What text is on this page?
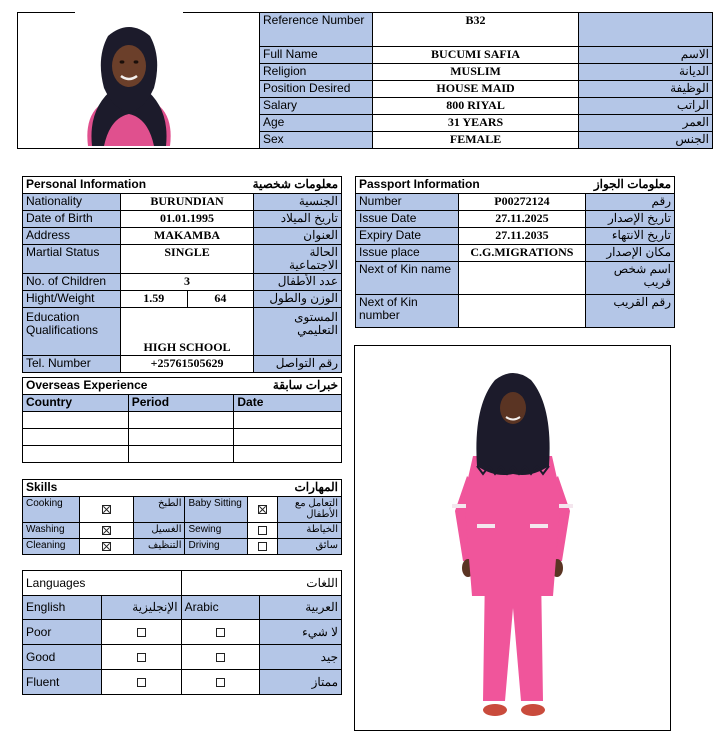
Reference Number	B32	
Full Name	BUCUMI SAFIA	الاسم
Religion	MUSLIM	الديانة
Position Desired	HOUSE MAID	الوظيفة
Salary	800 RIYAL	الراتب
Age	31 YEARS	العمر
Sex	FEMALE	الجنس
Personal Information		معلومات شخصية	
Nationality	BURUNDIAN		الجنسية
Date of Birth	01.01.1995		تاريخ الميلاد
Address	MAKAMBA		العنوان
Martial Status	SINGLE		الحالة الاجتماعية
No. of Children	3		عدد الأطفال
Hight/Weight	1.59	64	الوزن والطول
Education Qualifications	HIGH SCHOOL		المستوى التعليمي
Tel. Number	+25761505629		رقم التواصل
Passport Information		معلومات الجواز
Number	P00272124	رقم
Issue Date	27.11.2025	تاريخ الإصدار
Expiry Date	27.11.2035	تاريخ الانتهاء
Issue place	C.G.MIGRATIONS	مكان الإصدار
Next of Kin name		اسم شخص قريب
Next of Kin number		رقم القريب
Overseas Experience		خبرات سابقة
Country	Period	Date

Skills			المهارات		
Cooking		الطبخ	Baby Sitting		التعامل مع الأطفال
Washing		الغسيل	Sewing		الخياطة
Cleaning		التنظيف	Driving		سائق
Languages		اللغات	
English	الإنجليزية	Arabic	العربية
Poor			لا شيء
Good			جيد
Fluent			ممتاز
